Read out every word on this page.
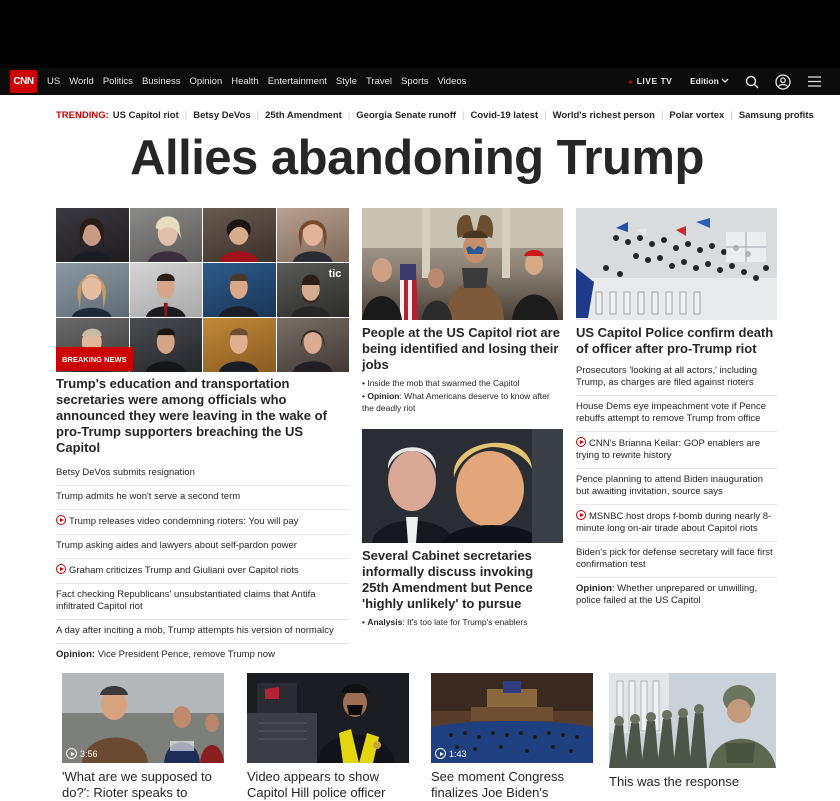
CNN	US World Politics Business Opinion Health Entertainment Style Travel Sports Videos	● LIVE TV Edition
TRENDING: US Capitol riot | Betsy DeVos | 25th Amendment | Georgia Senate runoff | Covid-19 latest | World's richest person | Polar vortex | Samsung profits
Allies abandoning Trump
tic
BREAKING NEWS
Trump's education and transportation secretaries were among officials who announced they were leaving in the wake of pro-Trump supporters breaching the US Capitol
Betsy DeVos submits resignation
Trump admits he won't serve a second term
Trump releases video condemning rioters: You will pay
Trump asking aides and lawyers about self-pardon power
Graham criticizes Trump and Giuliani over Capitol riots
Fact checking Republicans' unsubstantiated claims that Antifa infiltrated Capitol riot
A day after inciting a mob, Trump attempts his version of normalcy
Opinion: Vice President Pence, remove Trump now
People at the US Capitol riot are being identified and losing their jobs
• Inside the mob that swarmed the Capitol
• Opinion: What Americans deserve to know after the deadly riot
Several Cabinet secretaries informally discuss invoking 25th Amendment but Pence 'highly unlikely' to pursue
• Analysis: It's too late for Trump's enablers
US Capitol Police confirm death of officer after pro-Trump riot
Prosecutors 'looking at all actors,' including Trump, as charges are filed against rioters
House Dems eye impeachment vote if Pence rebuffs attempt to remove Trump from office
CNN's Brianna Keilar: GOP enablers are trying to rewrite history
Pence planning to attend Biden inauguration but awaiting invitation, source says
MSNBC host drops f-bomb during nearly 8-minute long on-air tirade about Capitol riots
Biden's pick for defense secretary will face first confirmation test
Opinion: Whether unprepared or unwilling, police failed at the US Capitol
3:56
'What are we supposed to do?': Rioter speaks to
Video appears to show Capitol Hill police officer
1:43
See moment Congress finalizes Joe Biden's
This was the response
